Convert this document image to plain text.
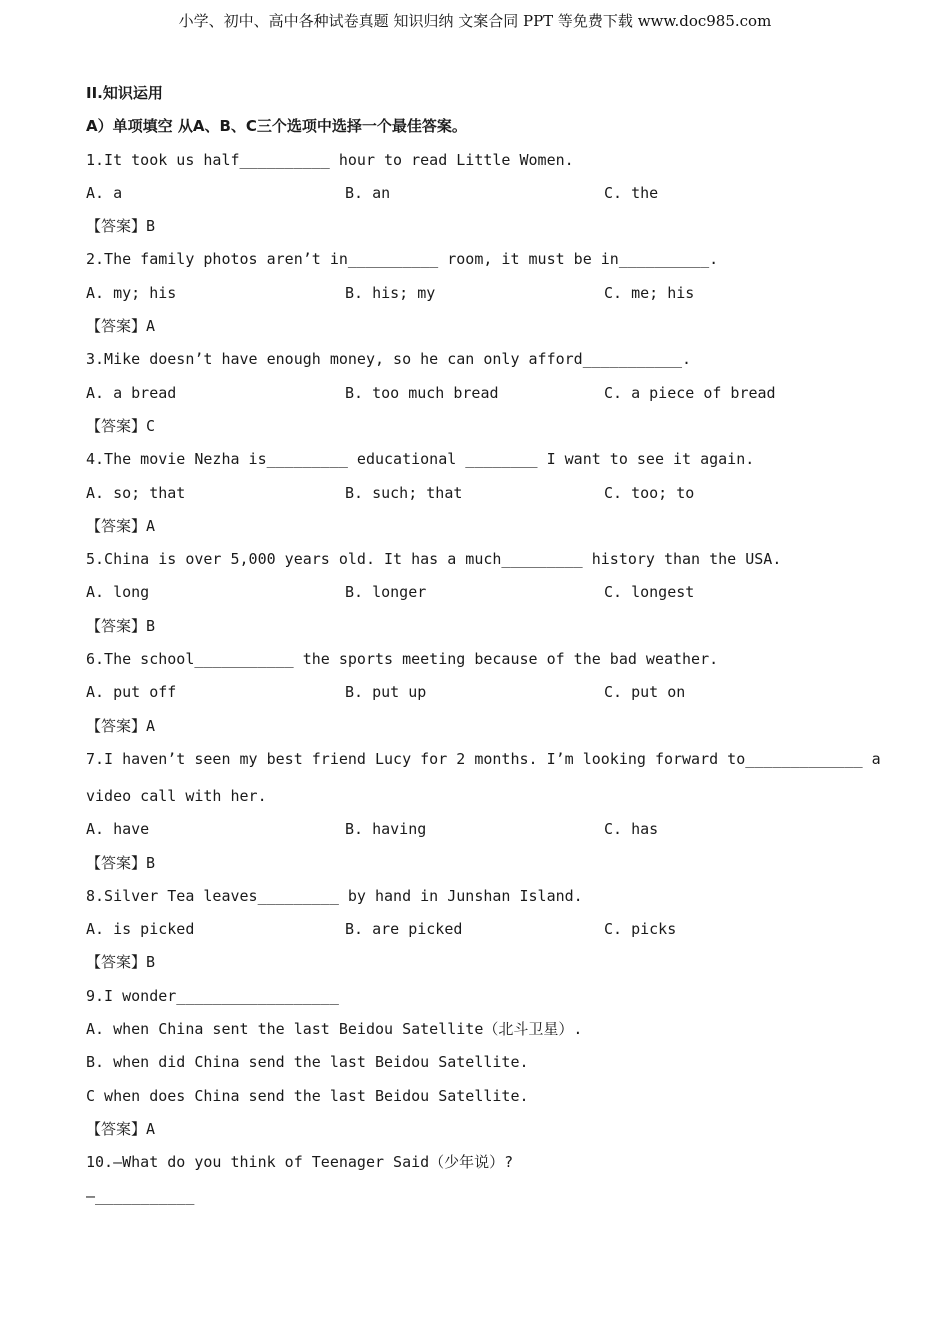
小学、初中、高中各种试卷真题 知识归纳 文案合同 PPT 等免费下载 www.doc985.com
II.知识运用
A）单项填空 从A、B、C三个选项中选择一个最佳答案。
1.It took us half__________ hour to read Little Women.
A. a	B. an	C. the
【答案】B
2.The family photos aren’t in__________ room, it must be in__________.
A. my; his	B. his; my	C. me; his
【答案】A
3.Mike doesn’t have enough money, so he can only afford___________.
A. a bread	B. too much bread	C. a piece of bread
【答案】C
4.The movie Nezha is_________ educational ________ I want to see it again.
A. so; that	B. such; that	C. too; to
【答案】A
5.China is over 5,000 years old. It has a much_________ history than the USA.
A. long	B. longer	C. longest
【答案】B
6.The school___________ the sports meeting because of the bad weather.
A. put off	B. put up	C. put on
【答案】A
7.I haven’t seen my best friend Lucy for 2 months. I’m looking forward to_____________ a
video call with her.
A. have	B. having	C. has
【答案】B
8.Silver Tea leaves_________ by hand in Junshan Island.
A. is picked	B. are picked	C. picks
【答案】B
9.I wonder__________________
A. when China sent the last Beidou Satellite（北斗卫星）.
B. when did China send the last Beidou Satellite.
C when does China send the last Beidou Satellite.
【答案】A
10.—What do you think of Teenager Said（少年说）?
—___________
